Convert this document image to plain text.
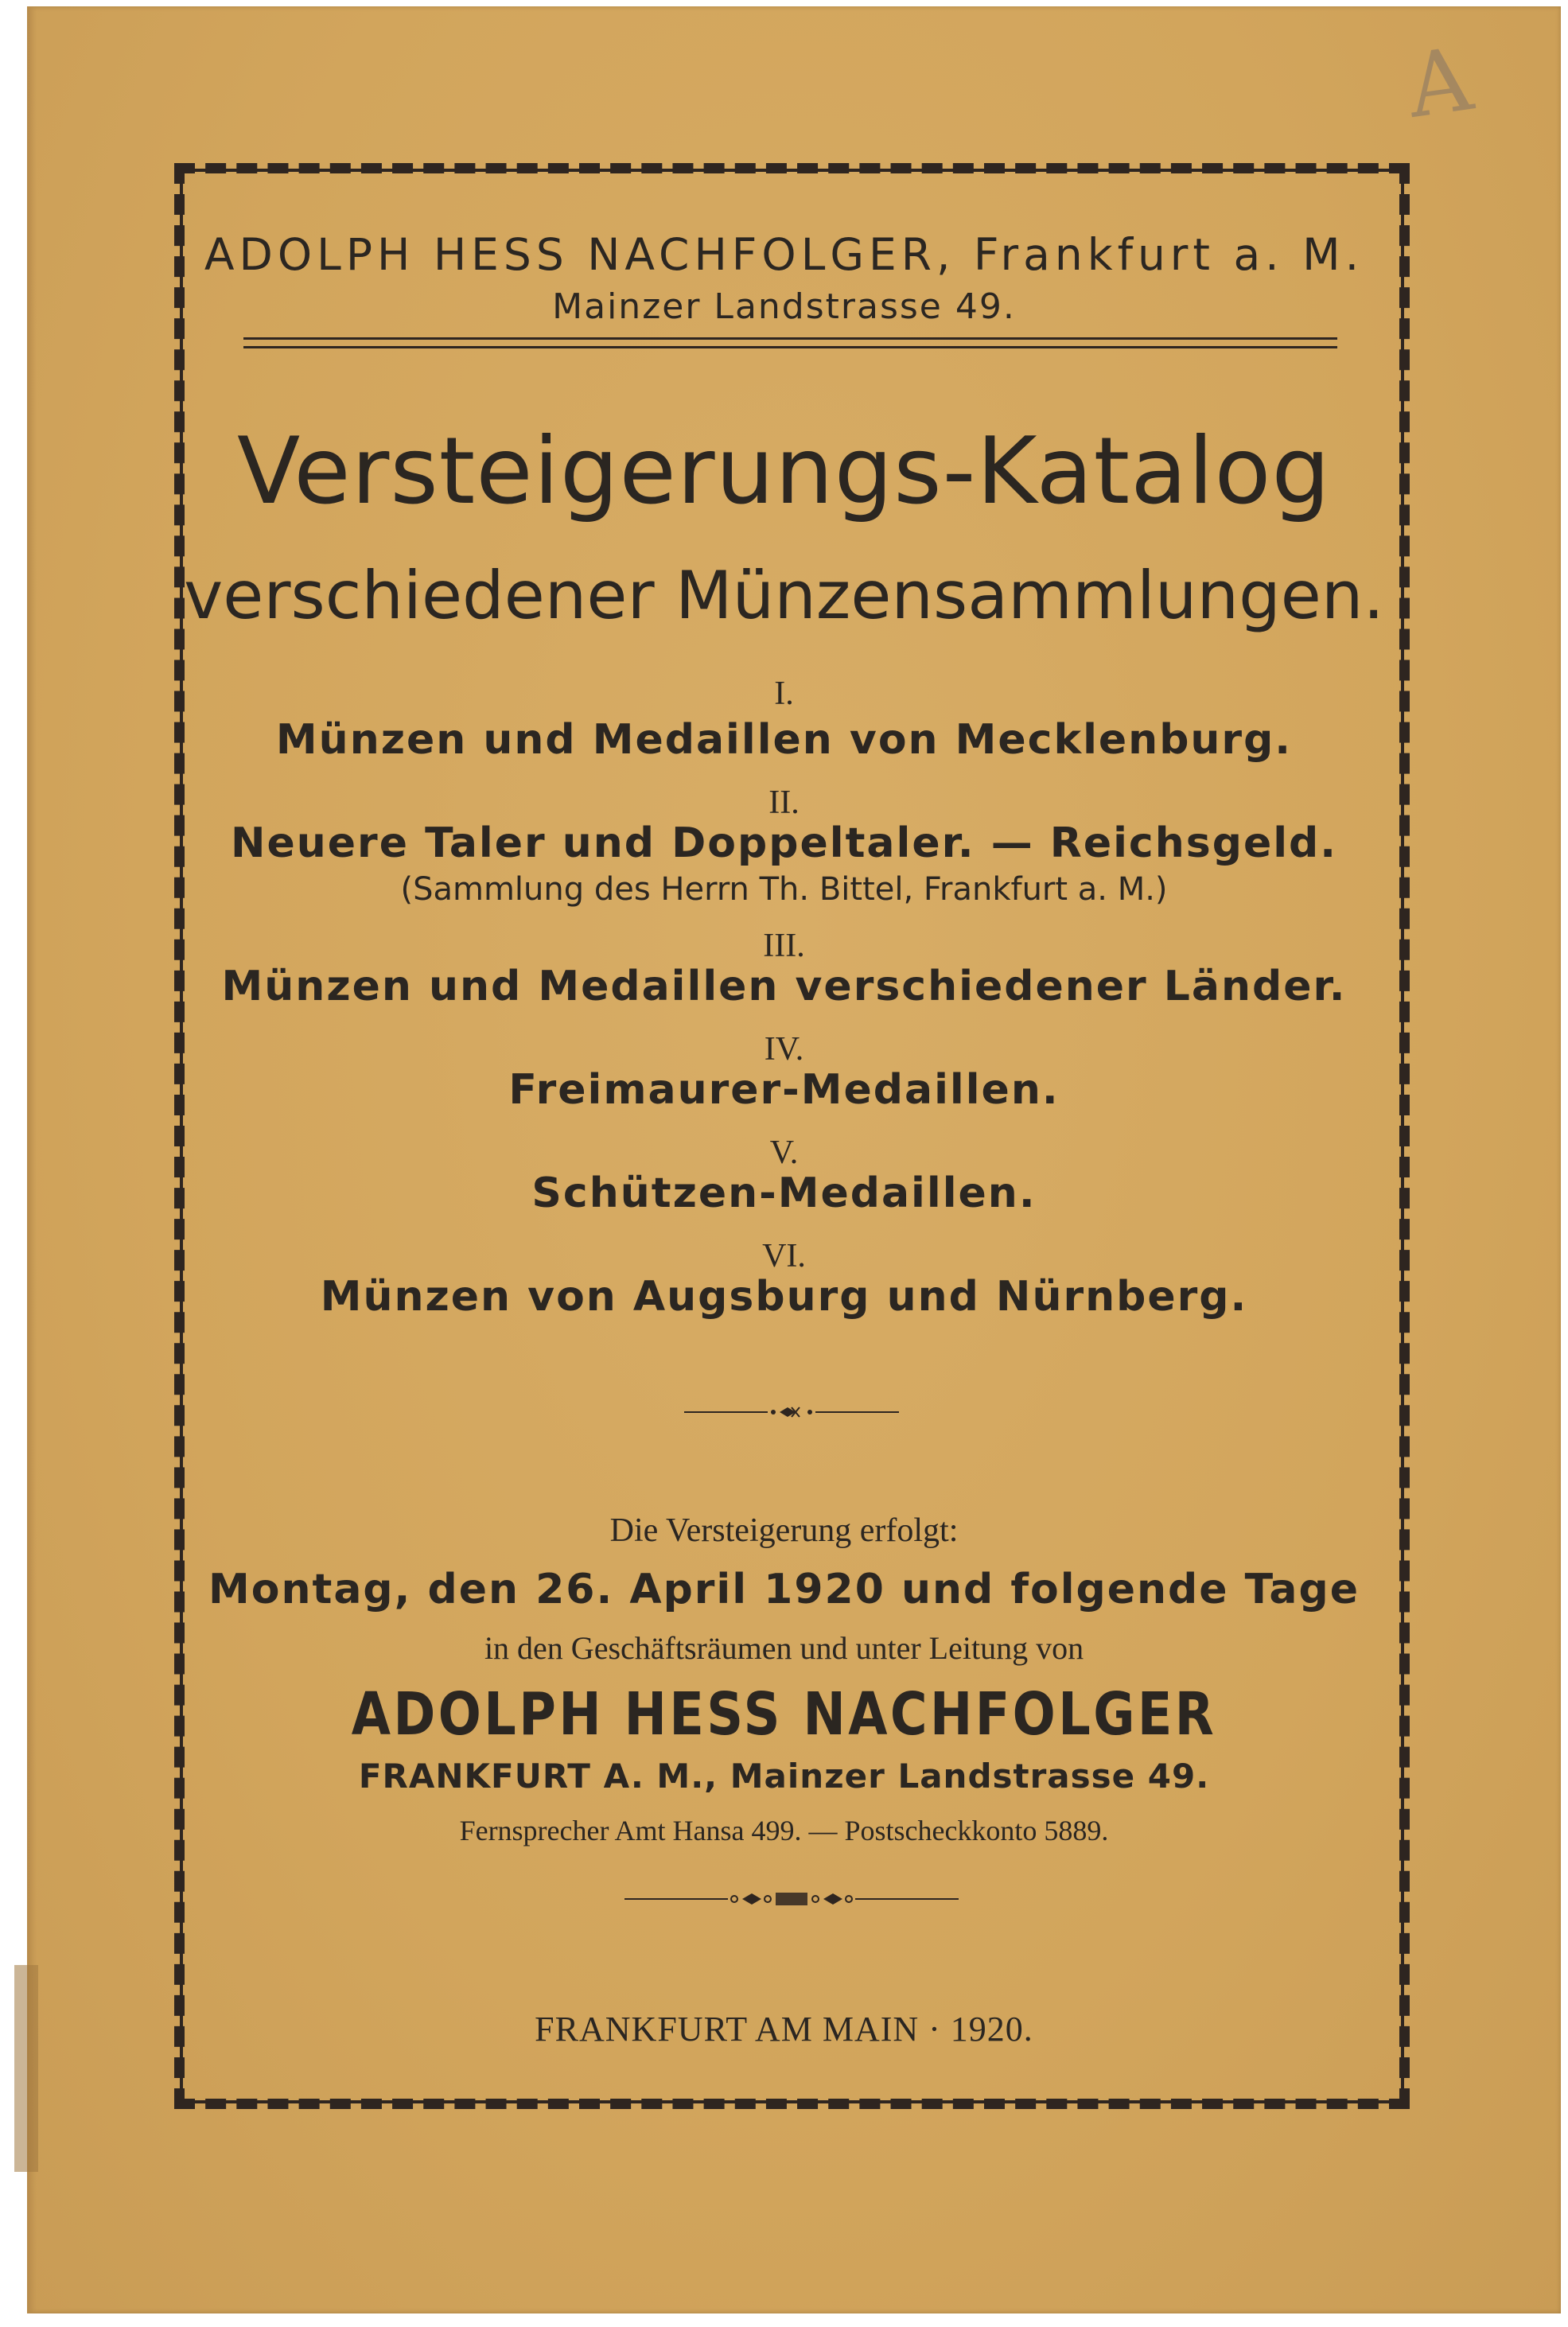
A
ADOLPH HESS NACHFOLGER, Frankfurt a. M.
Mainzer Landstrasse 49.
Versteigerungs-Katalog
verschiedener Münzensammlungen.
I.
Münzen und Medaillen von Mecklenburg.
II.
Neuere Taler und Doppeltaler. — Reichsgeld.
(Sammlung des Herrn Th. Bittel, Frankfurt a. M.)
III.
Münzen und Medaillen verschiedener Länder.
IV.
Freimaurer-Medaillen.
V.
Schützen-Medaillen.
VI.
Münzen von Augsburg und Nürnberg.
Die Versteigerung erfolgt:
Montag, den 26. April 1920 und folgende Tage
in den Geschäftsräumen und unter Leitung von
ADOLPH HESS NACHFOLGER
FRANKFURT A. M., Mainzer Landstrasse 49.
Fernsprecher Amt Hansa 499. — Postscheckkonto 5889.
FRANKFURT AM MAIN · 1920.
